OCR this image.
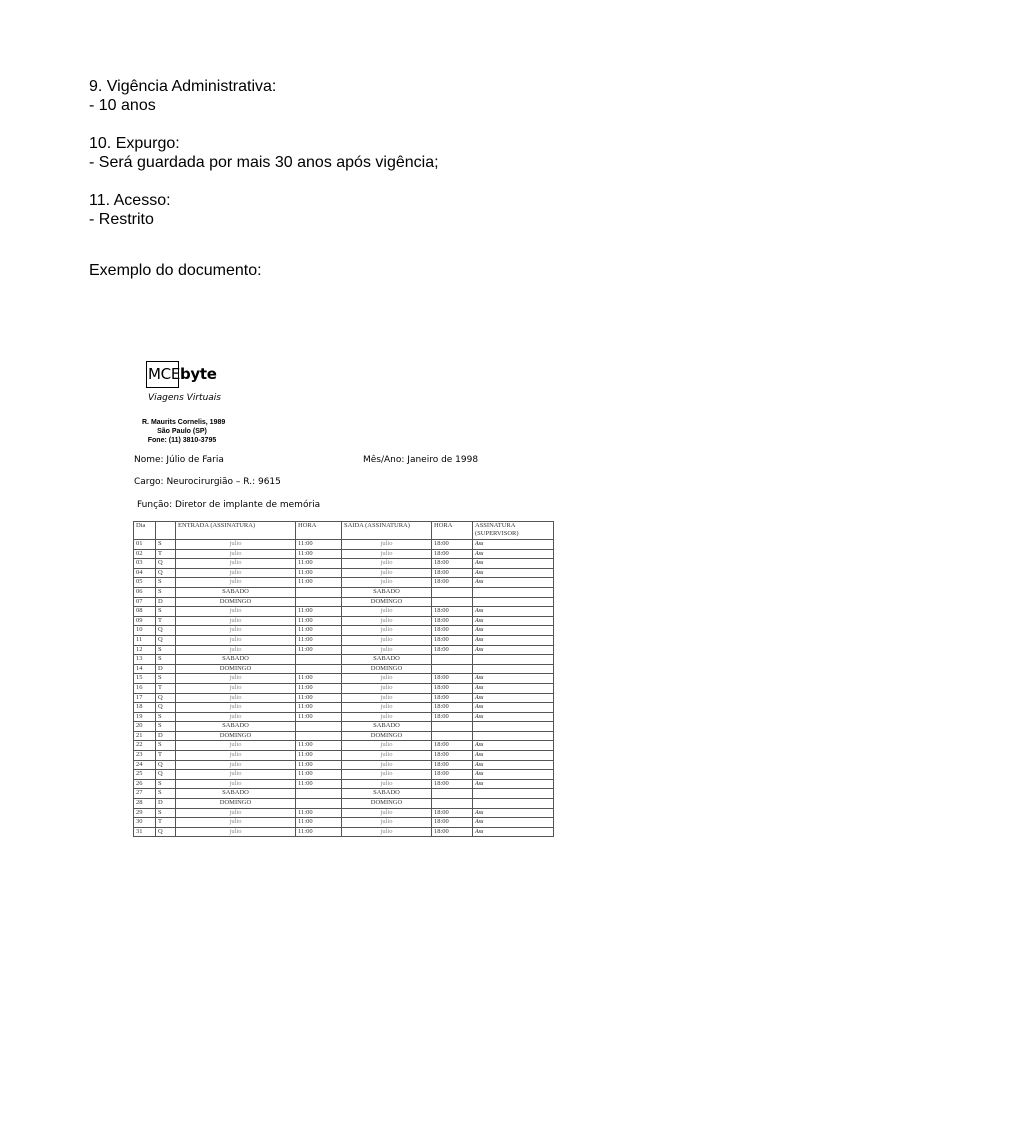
9. Vigência Administrativa:
- 10 anos
10. Expurgo:
- Será guardada por mais 30 anos após vigência;
11. Acesso:
- Restrito
Exemplo do documento:
MCEbyte
Viagens Virtuais
R. Maurits Cornelis, 1989
São Paulo (SP)
Fone: (11) 3810-3795
Nome: Júlio de Faria	Mês/Ano: Janeiro de 1998
Cargo: Neurocirurgião – R.: 9615
Função: Diretor de implante de memória
Dia		ENTRADA (ASSINATURA)	HORA	SAIDA (ASSINATURA)	HORA	ASSINATURA (SUPERVISOR)
01	S	julio	11:00	julio	18:00	Ass
02	T	julio	11:00	julio	18:00	Ass
03	Q	julio	11:00	julio	18:00	Ass
04	Q	julio	11:00	julio	18:00	Ass
05	S	julio	11:00	julio	18:00	Ass
06	S	SABADO		SABADO		
07	D	DOMINGO		DOMINGO		
08	S	julio	11:00	julio	18:00	Ass
09	T	julio	11:00	julio	18:00	Ass
10	Q	julio	11:00	julio	18:00	Ass
11	Q	julio	11:00	julio	18:00	Ass
12	S	julio	11:00	julio	18:00	Ass
13	S	SABADO		SABADO		
14	D	DOMINGO		DOMINGO		
15	S	julio	11:00	julio	18:00	Ass
16	T	julio	11:00	julio	18:00	Ass
17	Q	julio	11:00	julio	18:00	Ass
18	Q	julio	11:00	julio	18:00	Ass
19	S	julio	11:00	julio	18:00	Ass
20	S	SABADO		SABADO		
21	D	DOMINGO		DOMINGO		
22	S	julio	11:00	julio	18:00	Ass
23	T	julio	11:00	julio	18:00	Ass
24	Q	julio	11:00	julio	18:00	Ass
25	Q	julio	11:00	julio	18:00	Ass
26	S	julio	11:00	julio	18:00	Ass
27	S	SABADO		SABADO		
28	D	DOMINGO		DOMINGO		
29	S	julio	11:00	julio	18:00	Ass
30	T	julio	11:00	julio	18:00	Ass
31	Q	julio	11:00	julio	18:00	Ass
